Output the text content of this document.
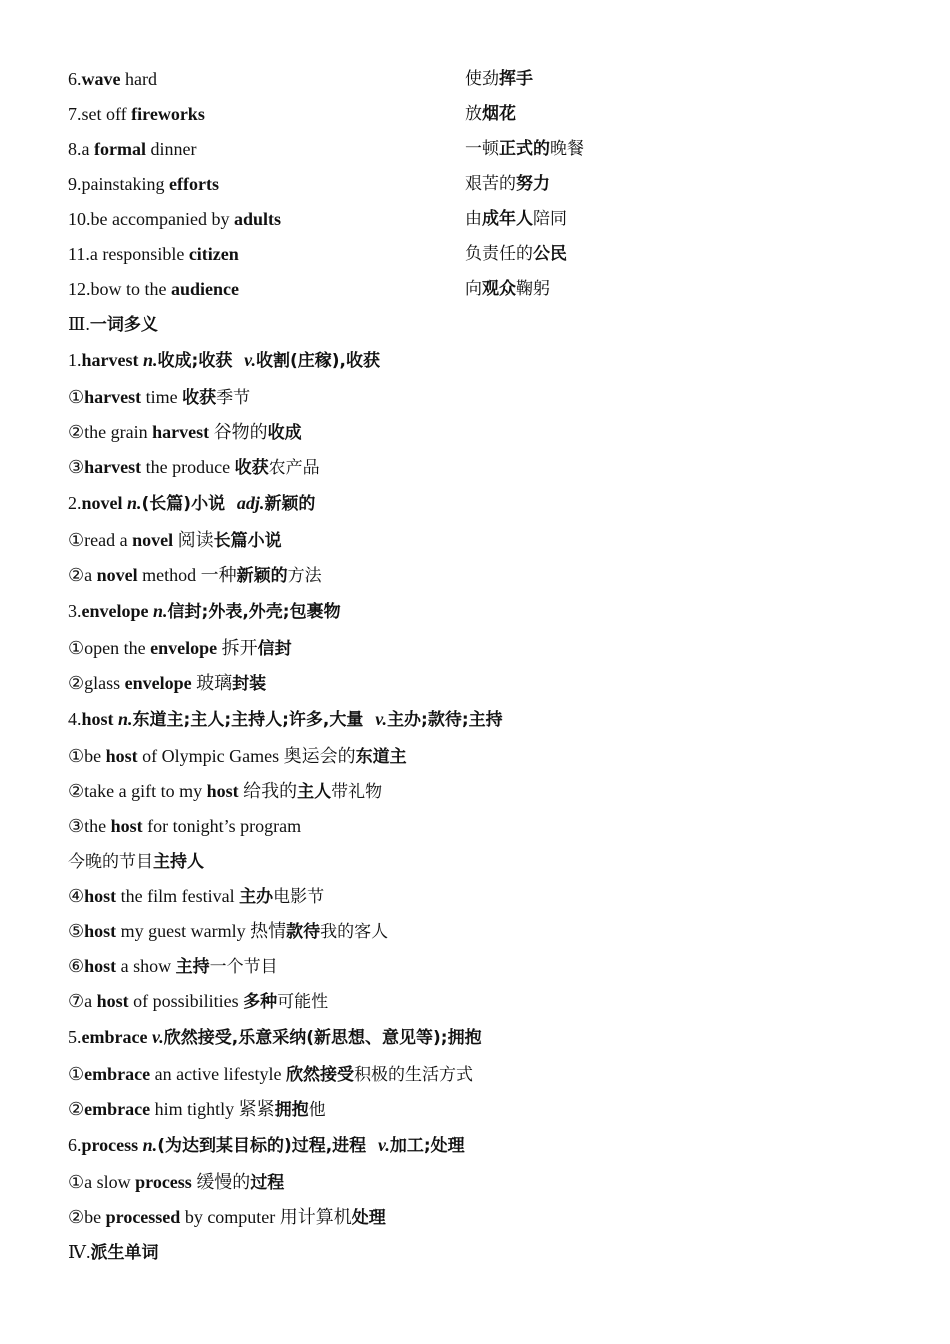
6.wave hard	使劲挥手
7.set off fireworks	放烟花
8.a formal dinner	一顿正式的晚餐
9.painstaking efforts	艰苦的努力
10.be accompanied by adults	由成年人陪同
11.a responsible citizen	负责任的公民
12.bow to the audience	向观众鞠躬
Ⅲ.一词多义
1.harvest n.收成;收获  v.收割(庄稼),收获
①harvest time 收获季节
②the grain harvest 谷物的收成
③harvest the produce 收获农产品
2.novel n.(长篇)小说  adj.新颖的
①read a novel 阅读长篇小说
②a novel method 一种新颖的方法
3.envelope n.信封;外表,外壳;包裹物
①open the envelope 拆开信封
②glass envelope 玻璃封装
4.host n.东道主;主人;主持人;许多,大量  v.主办;款待;主持
①be host of Olympic Games 奥运会的东道主
②take a gift to my host 给我的主人带礼物
③the host for tonight’s program
今晚的节目主持人
④host the film festival 主办电影节
⑤host my guest warmly 热情款待我的客人
⑥host a show 主持一个节目
⑦a host of possibilities 多种可能性
5.embrace v.欣然接受,乐意采纳(新思想、意见等);拥抱
①embrace an active lifestyle 欣然接受积极的生活方式
②embrace him tightly 紧紧拥抱他
6.process n.(为达到某目标的)过程,进程  v.加工;处理
①a slow process 缓慢的过程
②be processed by computer 用计算机处理
Ⅳ.派生单词
